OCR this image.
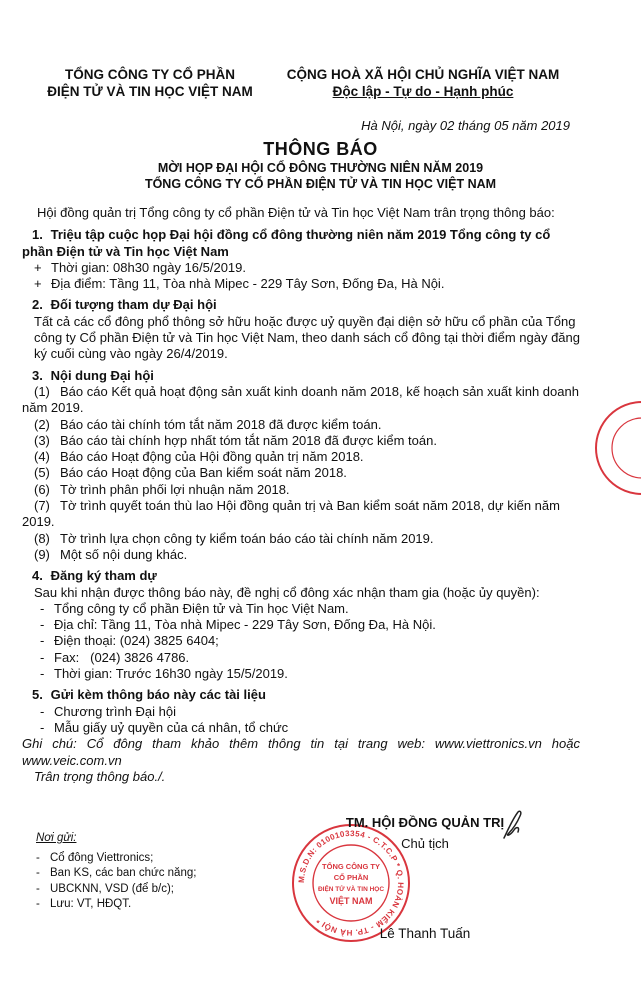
TỔNG CÔNG TY CỔ PHẦN
ĐIỆN TỬ VÀ TIN HỌC VIỆT NAM
CỘNG HOÀ XÃ HỘI CHỦ NGHĨA VIỆT NAM
Độc lập - Tự do - Hạnh phúc
Hà Nội, ngày 02 tháng 05 năm 2019
THÔNG BÁO
MỜI HỌP ĐẠI HỘI CỔ ĐÔNG THƯỜNG NIÊN NĂM 2019
TỔNG CÔNG TY CỔ PHẦN ĐIỆN TỬ VÀ TIN HỌC VIỆT NAM

Hội đồng quản trị Tổng công ty cổ phần Điện tử và Tin học Việt Nam trân trọng thông báo:

1. Triệu tập cuộc họp Đại hội đồng cổ đông thường niên năm 2019 Tổng công ty cổ phần Điện tử và Tin học Việt Nam

+ Thời gian: 08h30 ngày 16/5/2019.

+ Địa điểm: Tầng 11, Tòa nhà Mipec - 229 Tây Sơn, Đống Đa, Hà Nội.

2. Đối tượng tham dự Đại hội

Tất cả các cổ đông phổ thông sở hữu hoặc được uỷ quyền đại diện sở hữu cổ phần của Tổng công ty Cổ phần Điện tử và Tin học Việt Nam, theo danh sách cổ đông tại thời điểm ngày đăng ký cuối cùng vào ngày 26/4/2019.

3. Nội dung Đại hội

(1) Báo cáo Kết quả hoạt động sản xuất kinh doanh năm 2018, kế hoạch sản xuất kinh doanh năm 2019.

(2) Báo cáo tài chính tóm tắt năm 2018 đã được kiểm toán.

(3) Báo cáo tài chính hợp nhất tóm tắt năm 2018 đã được kiểm toán.

(4) Báo cáo Hoạt động của Hội đồng quản trị năm 2018.

(5) Báo cáo Hoạt động của Ban kiểm soát năm 2018.

(6) Tờ trình phân phối lợi nhuận năm 2018.

(7) Tờ trình quyết toán thù lao Hội đồng quản trị và Ban kiểm soát năm 2018, dự kiến năm 2019.

(8) Tờ trình lựa chọn công ty kiểm toán báo cáo tài chính năm 2019.

(9) Một số nội dung khác.

4. Đăng ký tham dự

Sau khi nhận được thông báo này, đề nghị cổ đông xác nhận tham gia (hoặc ủy quyền):

- Tổng công ty cổ phần Điện tử và Tin học Việt Nam.

- Địa chỉ: Tầng 11, Tòa nhà Mipec - 229 Tây Sơn, Đống Đa, Hà Nội.

- Điện thoại: (024) 3825 6404;

- Fax:   (024) 3826 4786.

- Thời gian: Trước 16h30 ngày 15/5/2019.

5. Gửi kèm thông báo này các tài liệu

- Chương trình Đại hội

- Mẫu giấy uỷ quyền của cá nhân, tổ chức

Ghi chú: Cổ đông tham khảo thêm thông tin tại trang web: www.viettronics.vn hoặc www.veic.com.vn

Trân trọng thông báo./.

Nơi gửi:
- Cổ đông Viettronics;
- Ban KS, các ban chức năng;
- UBCKNN, VSD (để b/c);
- Lưu: VT, HĐQT.
M.S.D.N: 0100103354 - C.T.C.P * Q. HOÀN KIẾM - TP. HÀ NỘI *
TỔNG CÔNG TY
CỔ PHẦN
ĐIỆN TỬ VÀ TIN HỌC
VIỆT NAM
TM. HỘI ĐỒNG QUẢN TRỊ
Chủ tịch
Lê Thanh Tuấn
